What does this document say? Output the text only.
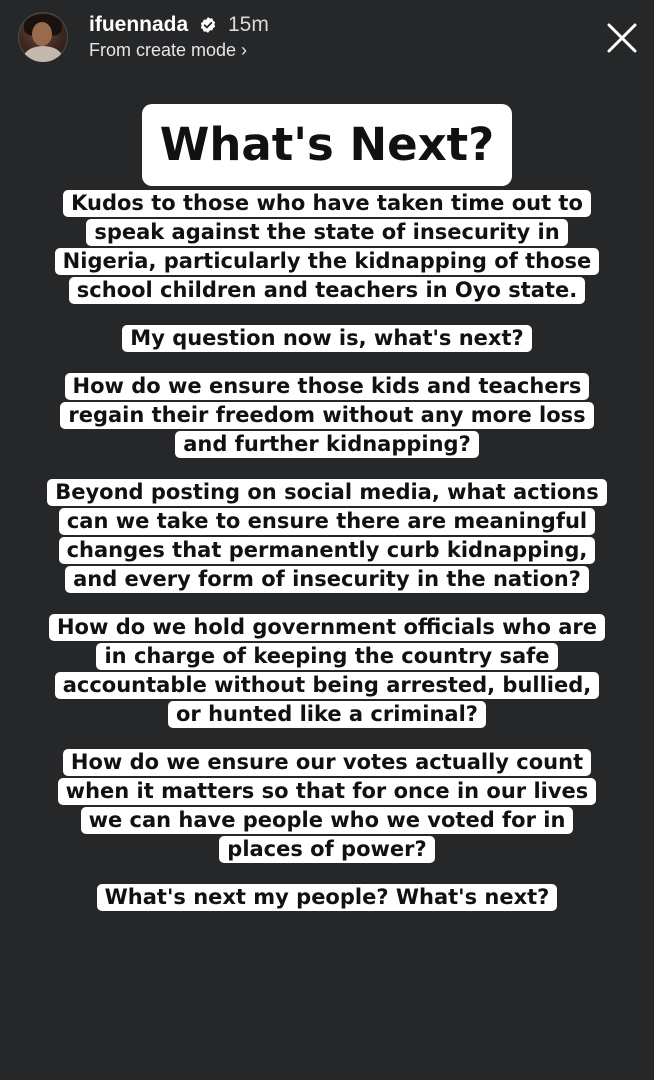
ifuennada 15m
From create mode ›
What's Next?
Kudos to those who have taken time out to speak against the state of insecurity in Nigeria, particularly the kidnapping of those school children and teachers in Oyo state.
My question now is, what's next?
How do we ensure those kids and teachers regain their freedom without any more loss and further kidnapping?
Beyond posting on social media, what actions can we take to ensure there are meaningful changes that permanently curb kidnapping, and every form of insecurity in the nation?
How do we hold government officials who are in charge of keeping the country safe accountable without being arrested, bullied, or hunted like a criminal?
How do we ensure our votes actually count when it matters so that for once in our lives we can have people who we voted for in places of power?
What's next my people? What's next?
